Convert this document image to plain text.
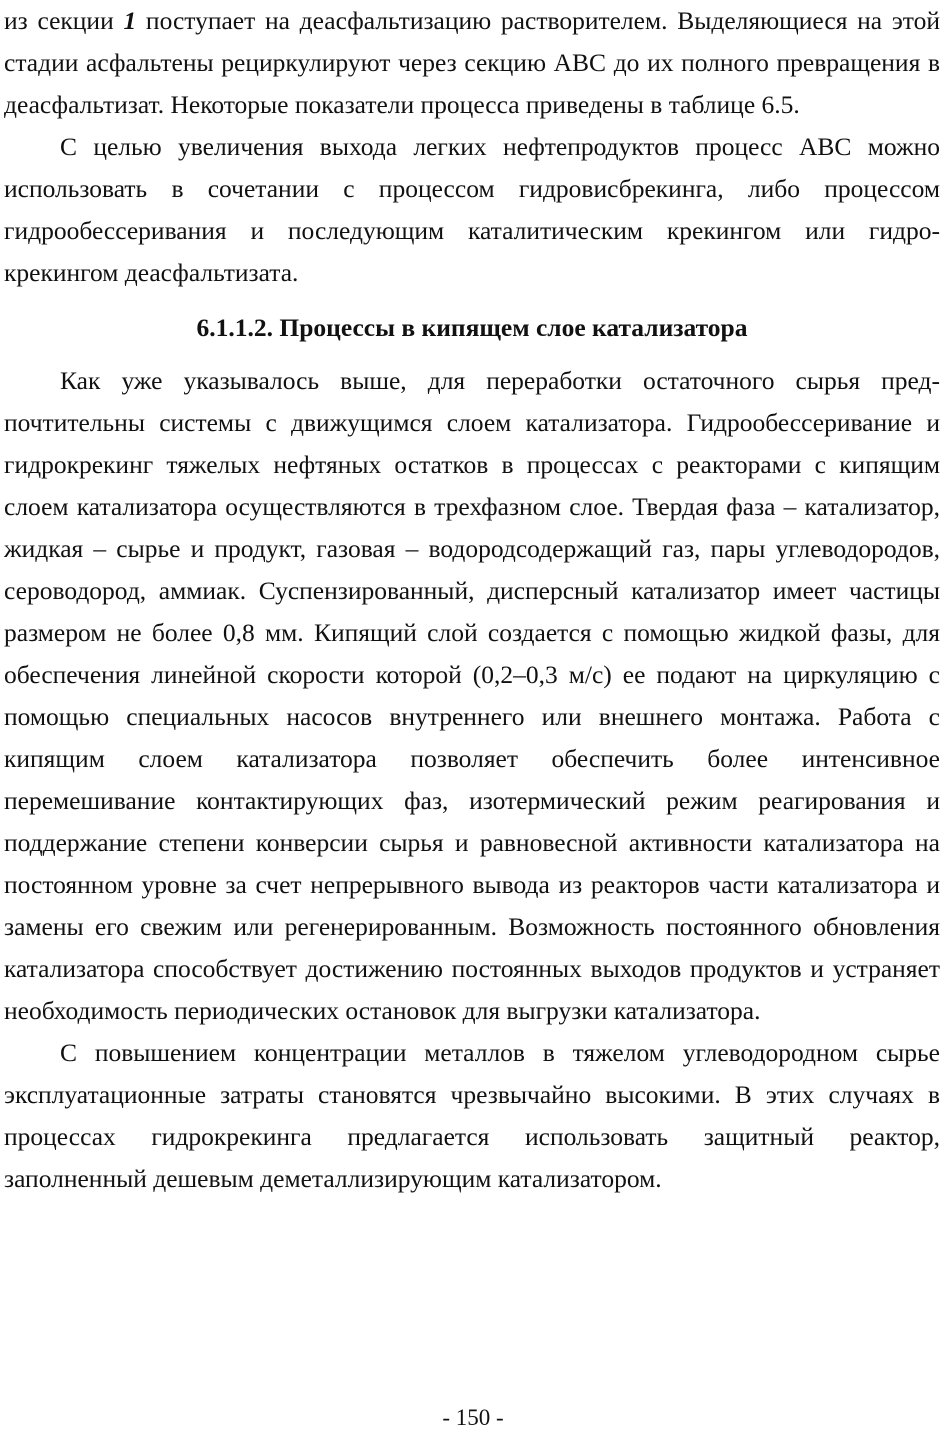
из секции 1 поступает на деасфальтизацию растворителем. Выделяющиеся на этой стадии асфальтены рециркулируют через секцию АВС до их полного превращения в деасфальтизат. Некоторые показатели процесса приведены в таблице 6.5.

С целью увеличения выхода легких нефтепродуктов процесс АВС можно использовать в сочетании с процессом гидровисбрекинга, либо процессом гидрообессеривания и последующим каталитическим крекингом или гидрокрекингом деасфальтизата.

6.1.1.2. Процессы в кипящем слое катализатора

Как уже указывалось выше, для переработки остаточного сырья предпочтительны системы с движущимся слоем катализатора. Гидрообессеривание и гидрокрекинг тяжелых нефтяных остатков в процессах с реакторами с кипящим слоем катализатора осуществляются в трехфазном слое. Твердая фаза – катализатор, жидкая – сырье и продукт, газовая – водородсодержащий газ, пары углеводородов, сероводород, аммиак. Суспензированный, дисперсный катализатор имеет частицы размером не более 0,8 мм. Кипящий слой создается с помощью жидкой фазы, для обеспечения линейной скорости которой (0,2–0,3 м/с) ее подают на циркуляцию с помощью специальных насосов внутреннего или внешнего монтажа. Работа с кипящим слоем катализатора позволяет обеспечить более интенсивное перемешивание контактирующих фаз, изотермический режим реагирования и поддержание степени конверсии сырья и равновесной активности катализатора на постоянном уровне за счет непрерывного вывода из реакторов части катализатора и замены его свежим или регенерированным. Возможность постоянного обновления катализатора способствует достижению постоянных выходов продуктов и устраняет необходимость периодических остановок для выгрузки катализатора.

С повышением концентрации металлов в тяжелом углеводородном сырье эксплуатационные затраты становятся чрезвычайно высокими. В этих случаях в процессах гидрокрекинга предлагается использовать защитный реактор, заполненный дешевым деметаллизирующим катализатором.

- 150 -
